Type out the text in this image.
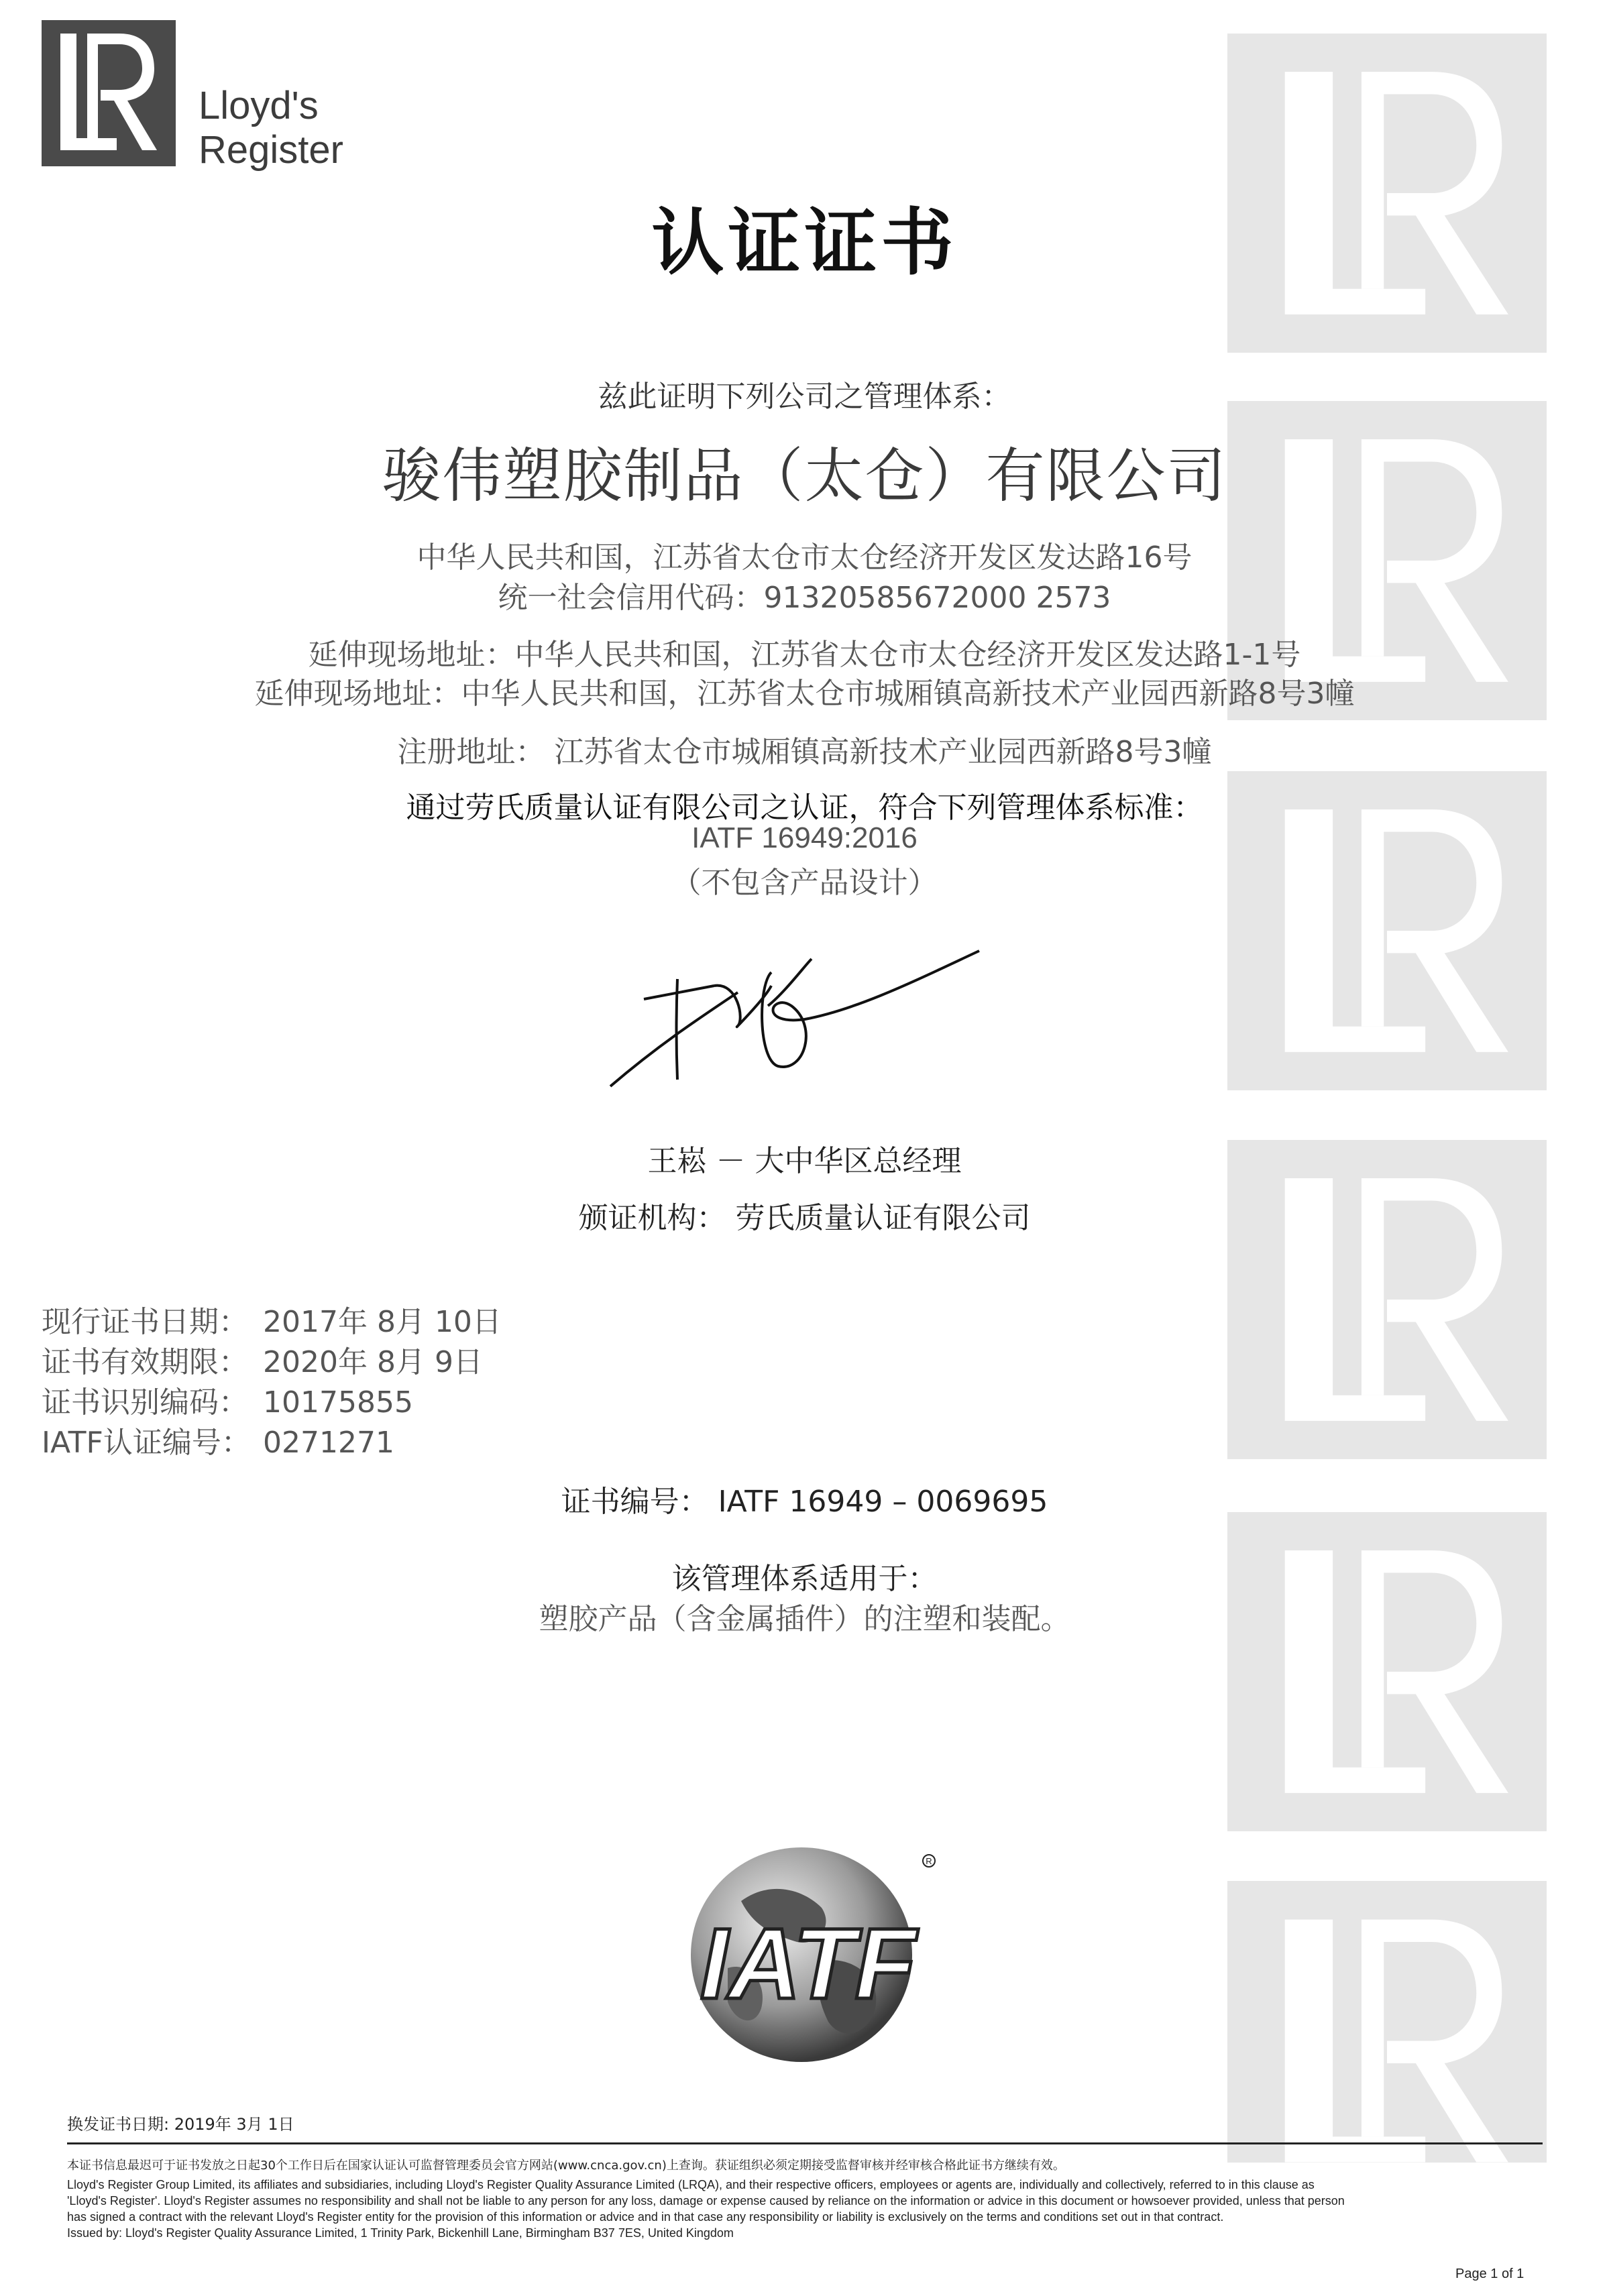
Lloyd's
Register
认证证书
兹此证明下列公司之管理体系：
骏伟塑胶制品（太仓）有限公司
中华人民共和国，江苏省太仓市太仓经济开发区发达路16号
统一社会信用代码：91320585672000 2573
延伸现场地址：中华人民共和国，江苏省太仓市太仓经济开发区发达路1-1号
延伸现场地址：中华人民共和国，江苏省太仓市城厢镇高新技术产业园西新路8号3幢
注册地址： 江苏省太仓市城厢镇高新技术产业园西新路8号3幢
通过劳氏质量认证有限公司之认证，符合下列管理体系标准：
IATF 16949:2016
（不包含产品设计）
王崧 － 大中华区总经理
颁证机构： 劳氏质量认证有限公司
现行证书日期： 2017年 8月 10日
证书有效期限： 2020年 8月 9日
证书识别编码： 10175855
IATF认证编号： 0271271
证书编号： IATF 16949 – 0069695
该管理体系适用于：
塑胶产品（含金属插件）的注塑和装配。
IATF
R
换发证书日期: 2019年 3月 1日
本证书信息最迟可于证书发放之日起30个工作日后在国家认证认可监督管理委员会官方网站(www.cnca.gov.cn)上查询。获证组织必须定期接受监督审核并经审核合格此证书方继续有效。
Lloyd's Register Group Limited, its affiliates and subsidiaries, including Lloyd's Register Quality Assurance Limited (LRQA), and their respective officers, employees or agents are, individually and collectively, referred to in this clause as
'Lloyd's Register'. Lloyd's Register assumes no responsibility and shall not be liable to any person for any loss, damage or expense caused by reliance on the information or advice in this document or howsoever provided, unless that person
has signed a contract with the relevant Lloyd's Register entity for the provision of this information or advice and in that case any responsibility or liability is exclusively on the terms and conditions set out in that contract.
Issued by: Lloyd's Register Quality Assurance Limited, 1 Trinity Park, Bickenhill Lane, Birmingham B37 7ES, United Kingdom
Page 1 of 1
